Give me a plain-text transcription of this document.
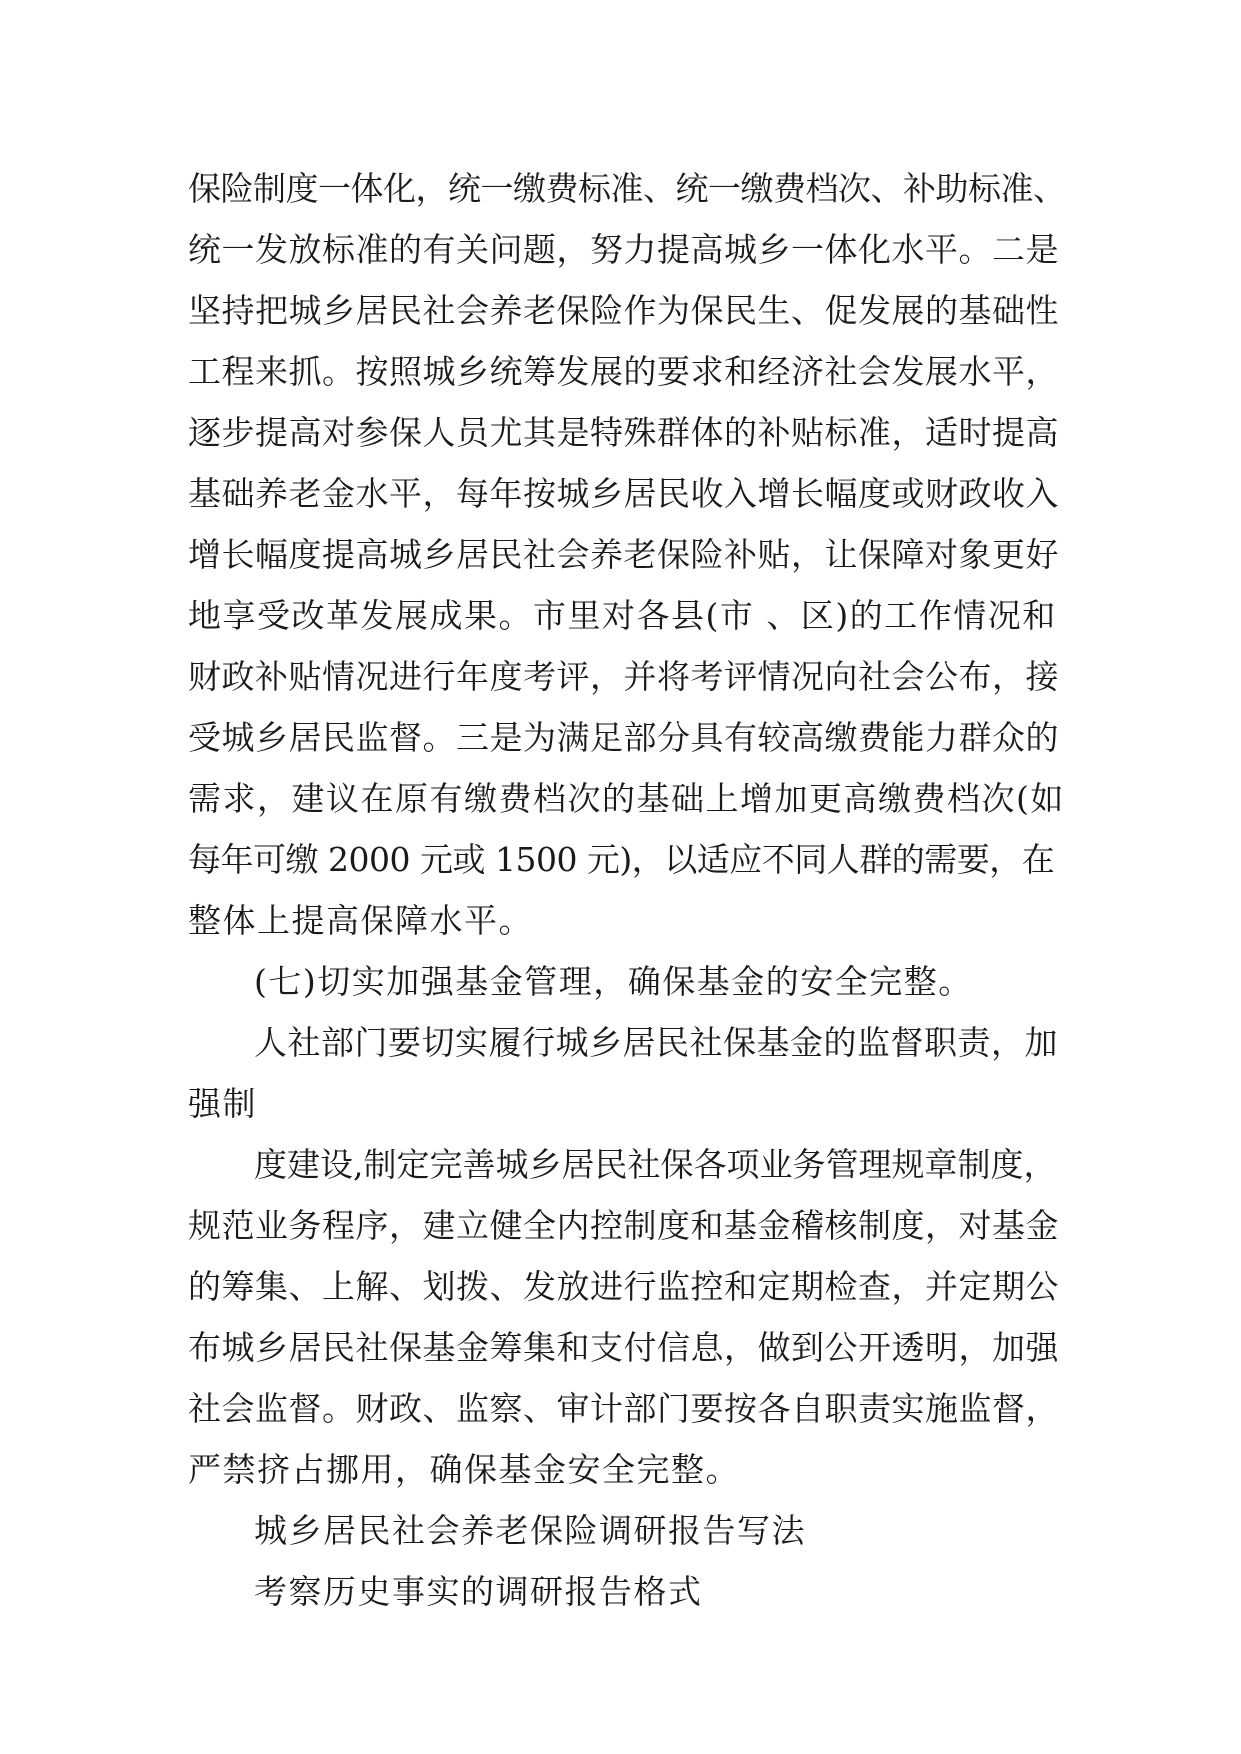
保险制度一体化，统一缴费标准、统一缴费档次、补助标准、
统一发放标准的有关问题，努力提高城乡一体化水平。二是
坚持把城乡居民社会养老保险作为保民生、促发展的基础性
工程来抓。按照城乡统筹发展的要求和经济社会发展水平，
逐步提高对参保人员尤其是特殊群体的补贴标准，适时提高
基础养老金水平，每年按城乡居民收入增长幅度或财政收入
增长幅度提高城乡居民社会养老保险补贴，让保障对象更好
地享受改革发展成果。市里对各县(市 、区)的工作情况和
财政补贴情况进行年度考评，并将考评情况向社会公布，接
受城乡居民监督。三是为满足部分具有较高缴费能力群众的
需求，建议在原有缴费档次的基础上增加更高缴费档次(如
每年可缴 2000 元或 1500 元)，以适应不同人群的需要，在
整体上提高保障水平。
(七)切实加强基金管理，确保基金的安全完整。
人社部门要切实履行城乡居民社保基金的监督职责，加
强制
度建设,制定完善城乡居民社保各项业务管理规章制度，
规范业务程序，建立健全内控制度和基金稽核制度，对基金
的筹集、上解、划拨、发放进行监控和定期检查，并定期公
布城乡居民社保基金筹集和支付信息，做到公开透明，加强
社会监督。财政、监察、审计部门要按各自职责实施监督，
严禁挤占挪用，确保基金安全完整。
城乡居民社会养老保险调研报告写法
考察历史事实的调研报告格式
